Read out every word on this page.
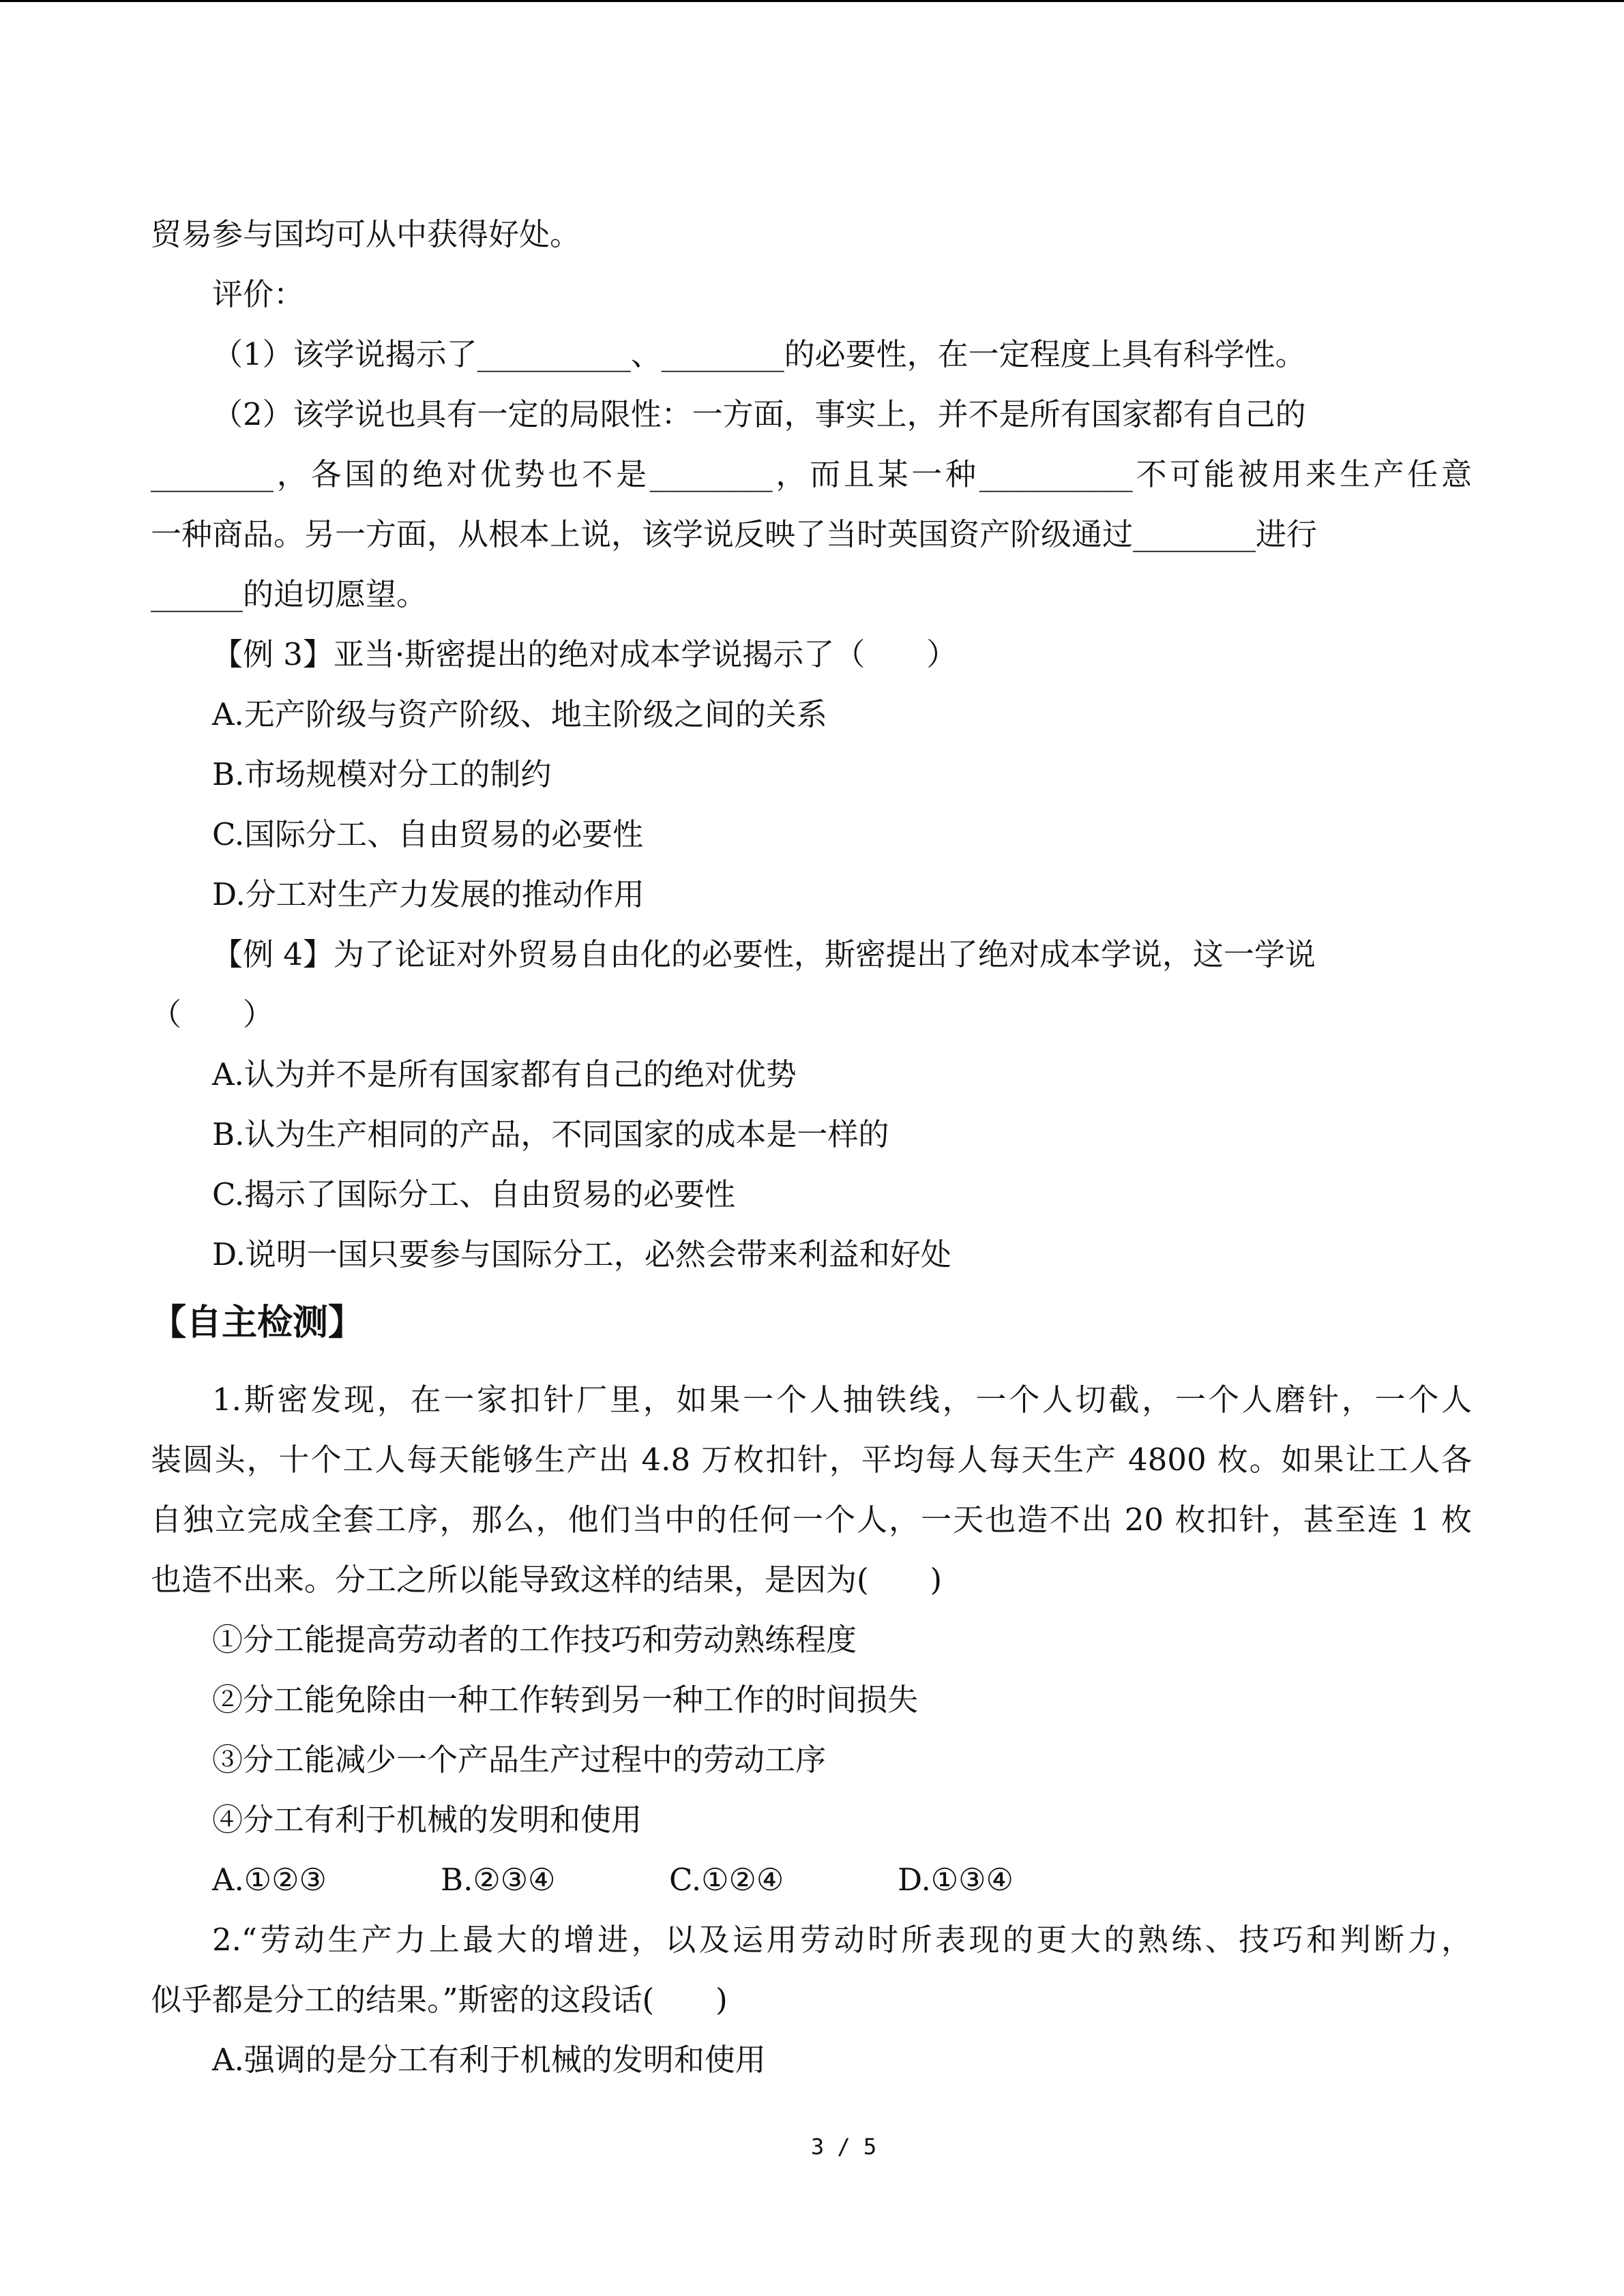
贸易参与国均可从中获得好处。
评价：
（1）该学说揭示了__________、________的必要性，在一定程度上具有科学性。
（2）该学说也具有一定的局限性：一方面，事实上，并不是所有国家都有自己的
________，各国的绝对优势也不是________，而且某一种__________不可能被用来生产任意
一种商品。另一方面，从根本上说，该学说反映了当时英国资产阶级通过________进行
______的迫切愿望。
【例 3】亚当·斯密提出的绝对成本学说揭示了（　　）
A.无产阶级与资产阶级、地主阶级之间的关系
B.市场规模对分工的制约
C.国际分工、自由贸易的必要性
D.分工对生产力发展的推动作用
【例 4】为了论证对外贸易自由化的必要性，斯密提出了绝对成本学说，这一学说
（　　）
A.认为并不是所有国家都有自己的绝对优势
B.认为生产相同的产品，不同国家的成本是一样的
C.揭示了国际分工、自由贸易的必要性
D.说明一国只要参与国际分工，必然会带来利益和好处
【自主检测】
1.斯密发现，在一家扣针厂里，如果一个人抽铁线，一个人切截，一个人磨针，一个人
装圆头，十个工人每天能够生产出 4.8 万枚扣针，平均每人每天生产 4800 枚。如果让工人各
自独立完成全套工序，那么，他们当中的任何一个人，一天也造不出 20 枚扣针，甚至连 1 枚
也造不出来。分工之所以能导致这样的结果，是因为(　　)
①分工能提高劳动者的工作技巧和劳动熟练程度
②分工能免除由一种工作转到另一种工作的时间损失
③分工能减少一个产品生产过程中的劳动工序
④分工有利于机械的发明和使用
A.①②③	B.②③④	C.①②④	D.①③④
2.“劳动生产力上最大的增进，以及运用劳动时所表现的更大的熟练、技巧和判断力，
似乎都是分工的结果。”斯密的这段话(　　)
A.强调的是分工有利于机械的发明和使用
3 / 5
